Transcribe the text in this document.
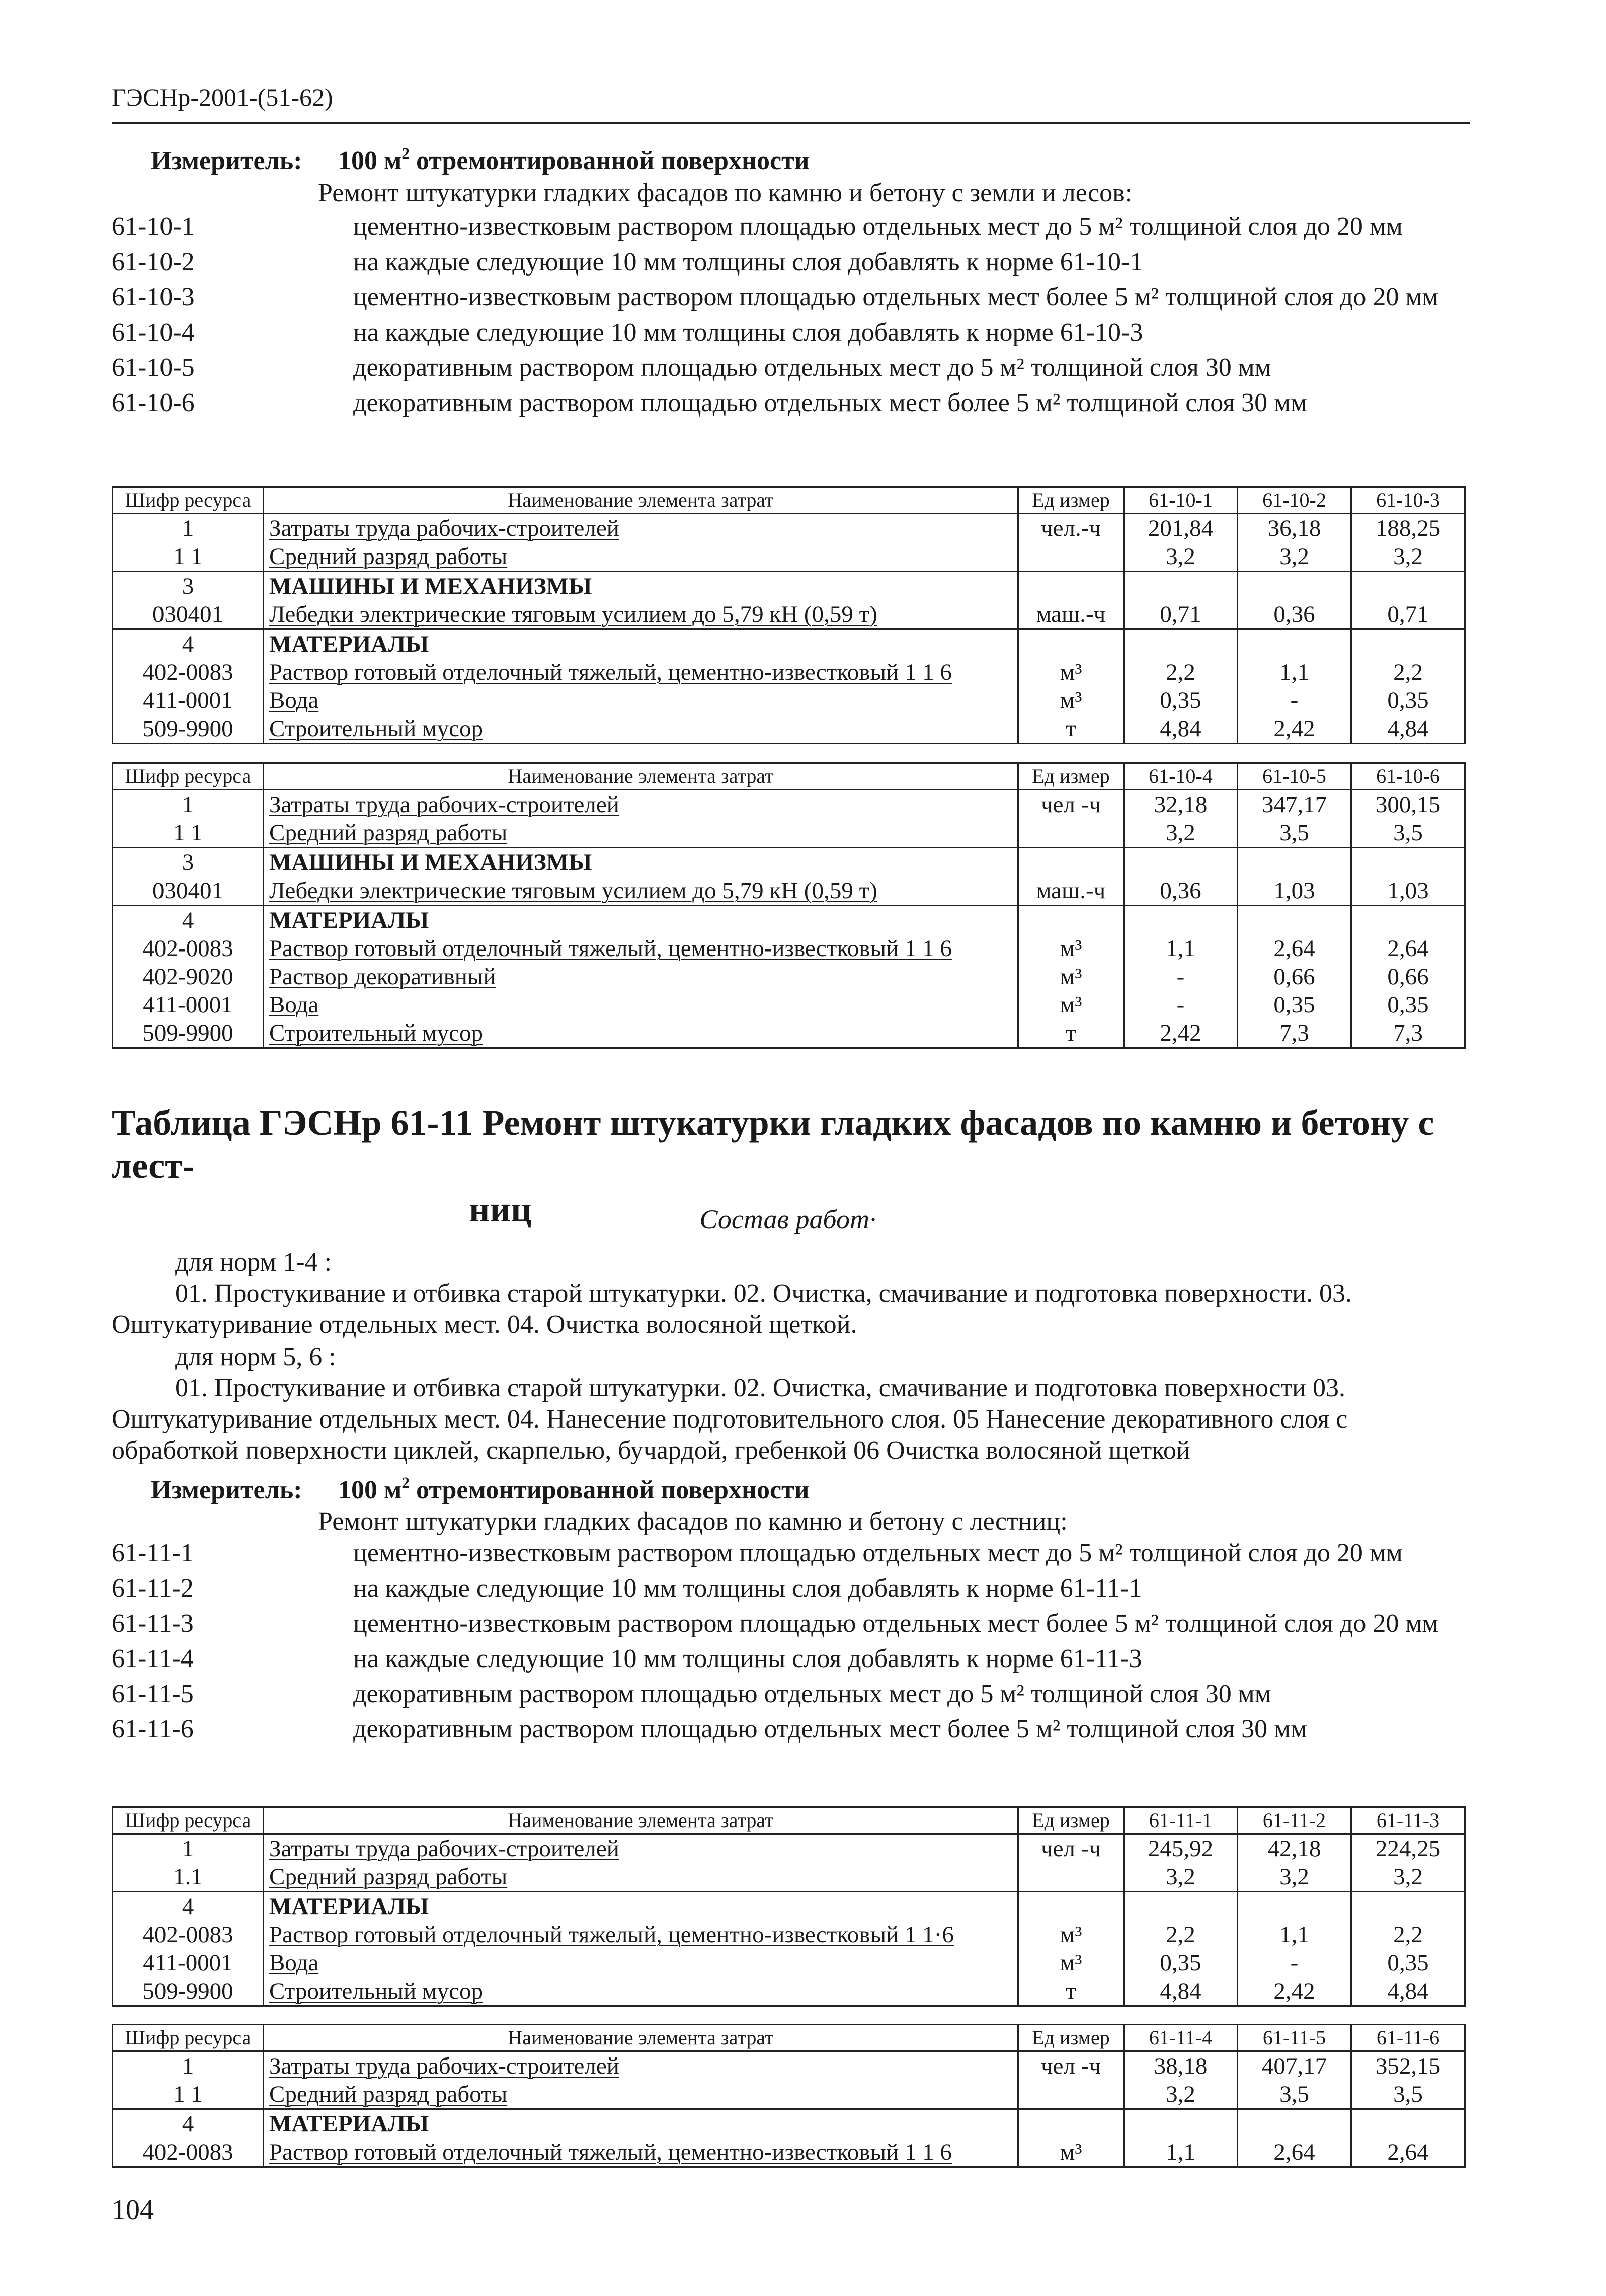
ГЭСНр-2001-(51-62)
Измеритель: 100 $м^2$ отремонтированной поверхности
Ремонт штукатурки гладких фасадов по камню и бетону с земли и лесов:
61-10-1	цементно-известковым раствором площадью отдельных мест до 5 м² толщиной слоя до 20 мм
61-10-2	на каждые следующие 10 мм толщины слоя добавлять к норме 61-10-1
61-10-3	цементно-известковым раствором площадью отдельных мест более 5 м² толщиной слоя до 20 мм
61-10-4	на каждые следующие 10 мм толщины слоя добавлять к норме 61-10-3
61-10-5	декоративным раствором площадью отдельных мест до 5 м² толщиной слоя 30 мм
61-10-6	декоративным раствором площадью отдельных мест более 5 м² толщиной слоя 30 мм
Шифр ресурса	Наименование элемента затрат	Ед измер	61-10-1	61-10-2	61-10-3
1	Затраты труда рабочих-строителей	чел.-ч	201,84	36,18	188,25
1 1	Средний разряд работы		3,2	3,2	3,2
3	МАШИНЫ И МЕХАНИЗМЫ				
030401	Лебедки электрические тяговым усилием до 5,79 кН (0,59 т)	маш.-ч	0,71	0,36	0,71
4	МАТЕРИАЛЫ				
402-0083	Раствор готовый отделочный тяжелый, цементно-известковый 1 1 6	м³	2,2	1,1	2,2
411-0001	Вода	м³	0,35	-	0,35
509-9900	Строительный мусор	т	4,84	2,42	4,84
Шифр ресурса	Наименование элемента затрат	Ед измер	61-10-4	61-10-5	61-10-6
1	Затраты труда рабочих-строителей	чел -ч	32,18	347,17	300,15
1 1	Средний разряд работы		3,2	3,5	3,5
3	МАШИНЫ И МЕХАНИЗМЫ				
030401	Лебедки электрические тяговым усилием до 5,79 кН (0,59 т)	маш.-ч	0,36	1,03	1,03
4	МАТЕРИАЛЫ				
402-0083	Раствор готовый отделочный тяжелый, цементно-известковый 1 1 6	м³	1,1	2,64	2,64
402-9020	Раствор декоративный	м³	-	0,66	0,66
411-0001	Вода	м³	-	0,35	0,35
509-9900	Строительный мусор	т	2,42	7,3	7,3
Таблица ГЭСНр 61-11 Ремонт штукатурки гладких фасадов по камню и бетону с лест-
ниц	Состав работ·
для норм 1-4 :
01. Простукивание и отбивка старой штукатурки. 02. Очистка, смачивание и подготовка поверхности. 03. Оштукатуривание отдельных мест. 04. Очистка волосяной щеткой.
для норм 5, 6 :
01. Простукивание и отбивка старой штукатурки. 02. Очистка, смачивание и подготовка поверхности 03. Оштукатуривание отдельных мест. 04. Нанесение подготовительного слоя. 05 Нанесение декоративного слоя с обработкой поверхности циклей, скарпелью, бучардой, гребенкой 06 Очистка волосяной щеткой
Измеритель: 100 $м^2$ отремонтированной поверхности
Ремонт штукатурки гладких фасадов по камню и бетону с лестниц:
61-11-1	цементно-известковым раствором площадью отдельных мест до 5 м² толщиной слоя до 20 мм
61-11-2	на каждые следующие 10 мм толщины слоя добавлять к норме 61-11-1
61-11-3	цементно-известковым раствором площадью отдельных мест более 5 м² толщиной слоя до 20 мм
61-11-4	на каждые следующие 10 мм толщины слоя добавлять к норме 61-11-3
61-11-5	декоративным раствором площадью отдельных мест до 5 м² толщиной слоя 30 мм
61-11-6	декоративным раствором площадью отдельных мест более 5 м² толщиной слоя 30 мм
Шифр ресурса	Наименование элемента затрат	Ед измер	61-11-1	61-11-2	61-11-3
1	Затраты труда рабочих-строителей	чел -ч	245,92	42,18	224,25
1.1	Средний разряд работы		3,2	3,2	3,2
4	МАТЕРИАЛЫ				
402-0083	Раствор готовый отделочный тяжелый, цементно-известковый 1 1·6	м³	2,2	1,1	2,2
411-0001	Вода	м³	0,35	-	0,35
509-9900	Строительный мусор	т	4,84	2,42	4,84
Шифр ресурса	Наименование элемента затрат	Ед измер	61-11-4	61-11-5	61-11-6
1	Затраты труда рабочих-строителей	чел -ч	38,18	407,17	352,15
1 1	Средний разряд работы		3,2	3,5	3,5
4	МАТЕРИАЛЫ				
402-0083	Раствор готовый отделочный тяжелый, цементно-известковый 1 1 6	м³	1,1	2,64	2,64
104
